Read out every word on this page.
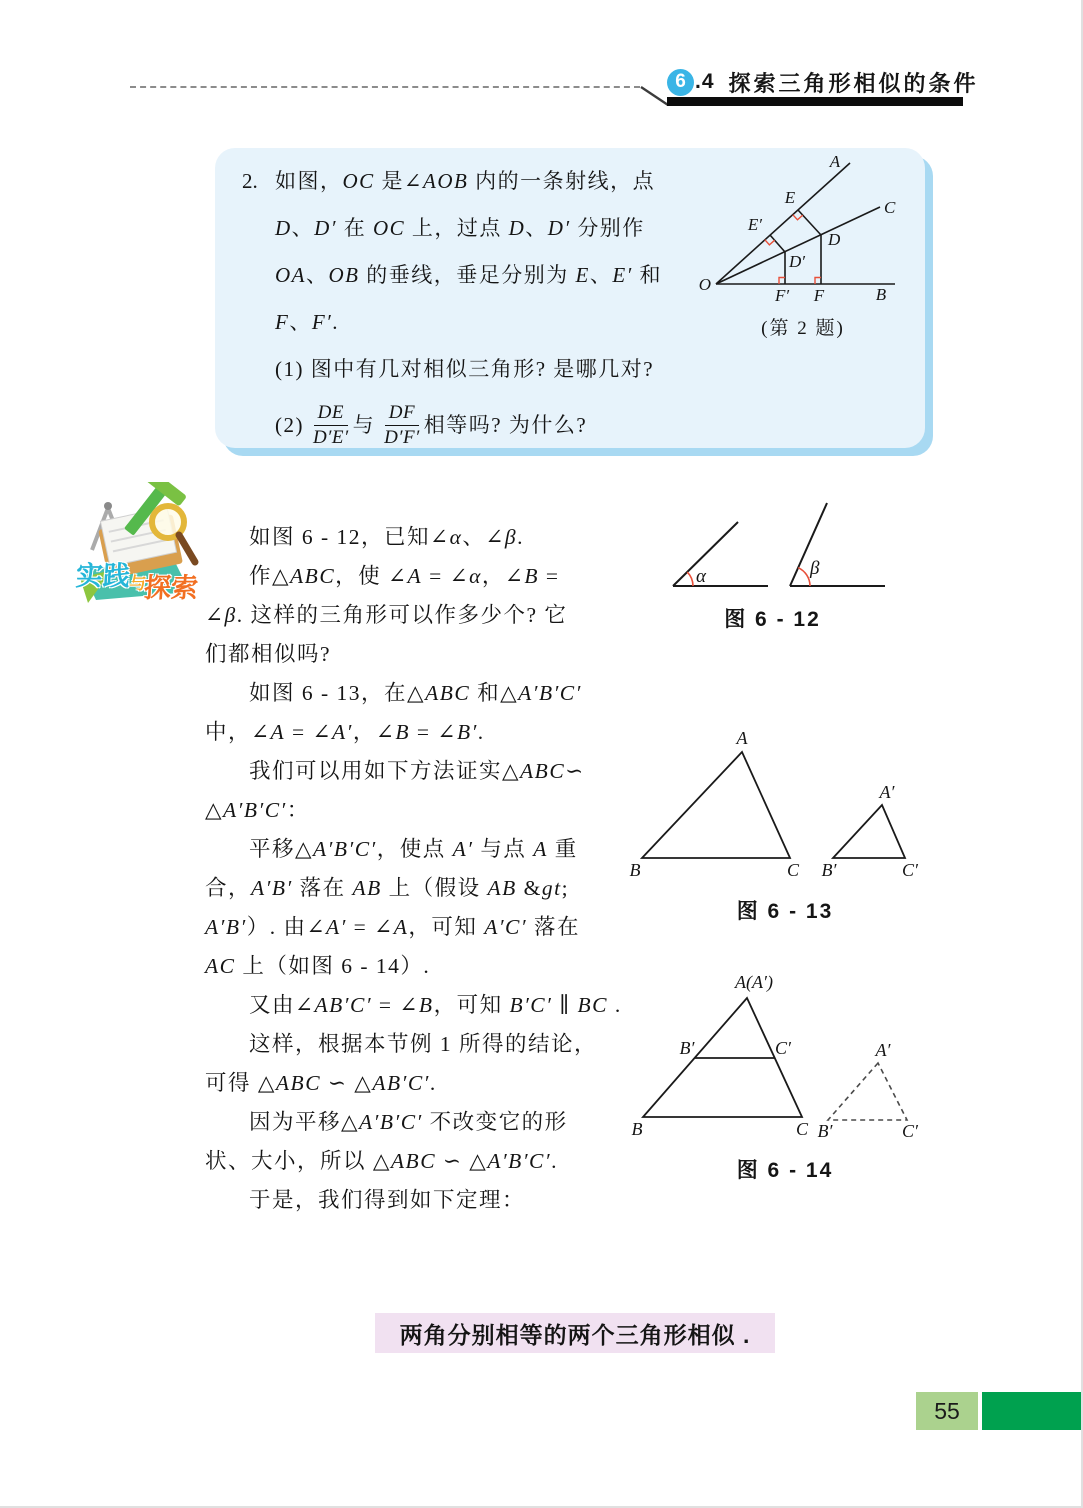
6 .4 探索三角形相似的条件
2. 如图，OC 是∠AOB 内的一条射线，点
D、D′ 在 OC 上，过点 D、D′ 分别作
OA、OB 的垂线，垂足分别为 E、E′ 和
F、F′.
(1) 图中有几对相似三角形? 是哪几对?
$(2) \frac{DE}{D'E'}$ 与 $\frac{DF}{D'F'}$ 相等吗? 为什么?
O
A
C
B
E
E′
D
D′
F
F′
(第 2 题)
实践与探索

如图 6 - 12，已知∠α、∠β.

作△ABC，使 ∠A = ∠α，∠B =
∠β. 这样的三角形可以作多少个? 它
们都相似吗?

如图 6 - 13，在△ABC 和△A′B′C′
中，∠A = ∠A′，∠B = ∠B′.

我们可以用如下方法证实△ABC∽
△A′B′C′：

平移△A′B′C′，使点 A′ 与点 A 重
合，A′B′ 落在 AB 上（假设 AB &gt;
A′B′）. 由∠A′ = ∠A，可知 A′C′ 落在
AC 上（如图 6 - 14）.

又由∠AB′C′ = ∠B，可知 B′C′ ∥ BC .

这样，根据本节例 1 所得的结论，
可得 △ABC ∽ △AB′C′.

因为平移△A′B′C′ 不改变它的形
状、大小，所以 △ABC ∽ △A′B′C′.

于是，我们得到如下定理：

α	β
图 6 - 12
A
B	C
A′
B′	C′
图 6 - 13
A(A′)
B′	C′
B	C
A′
B′	C′
图 6 - 14
两角分别相等的两个三角形相似 .
55
